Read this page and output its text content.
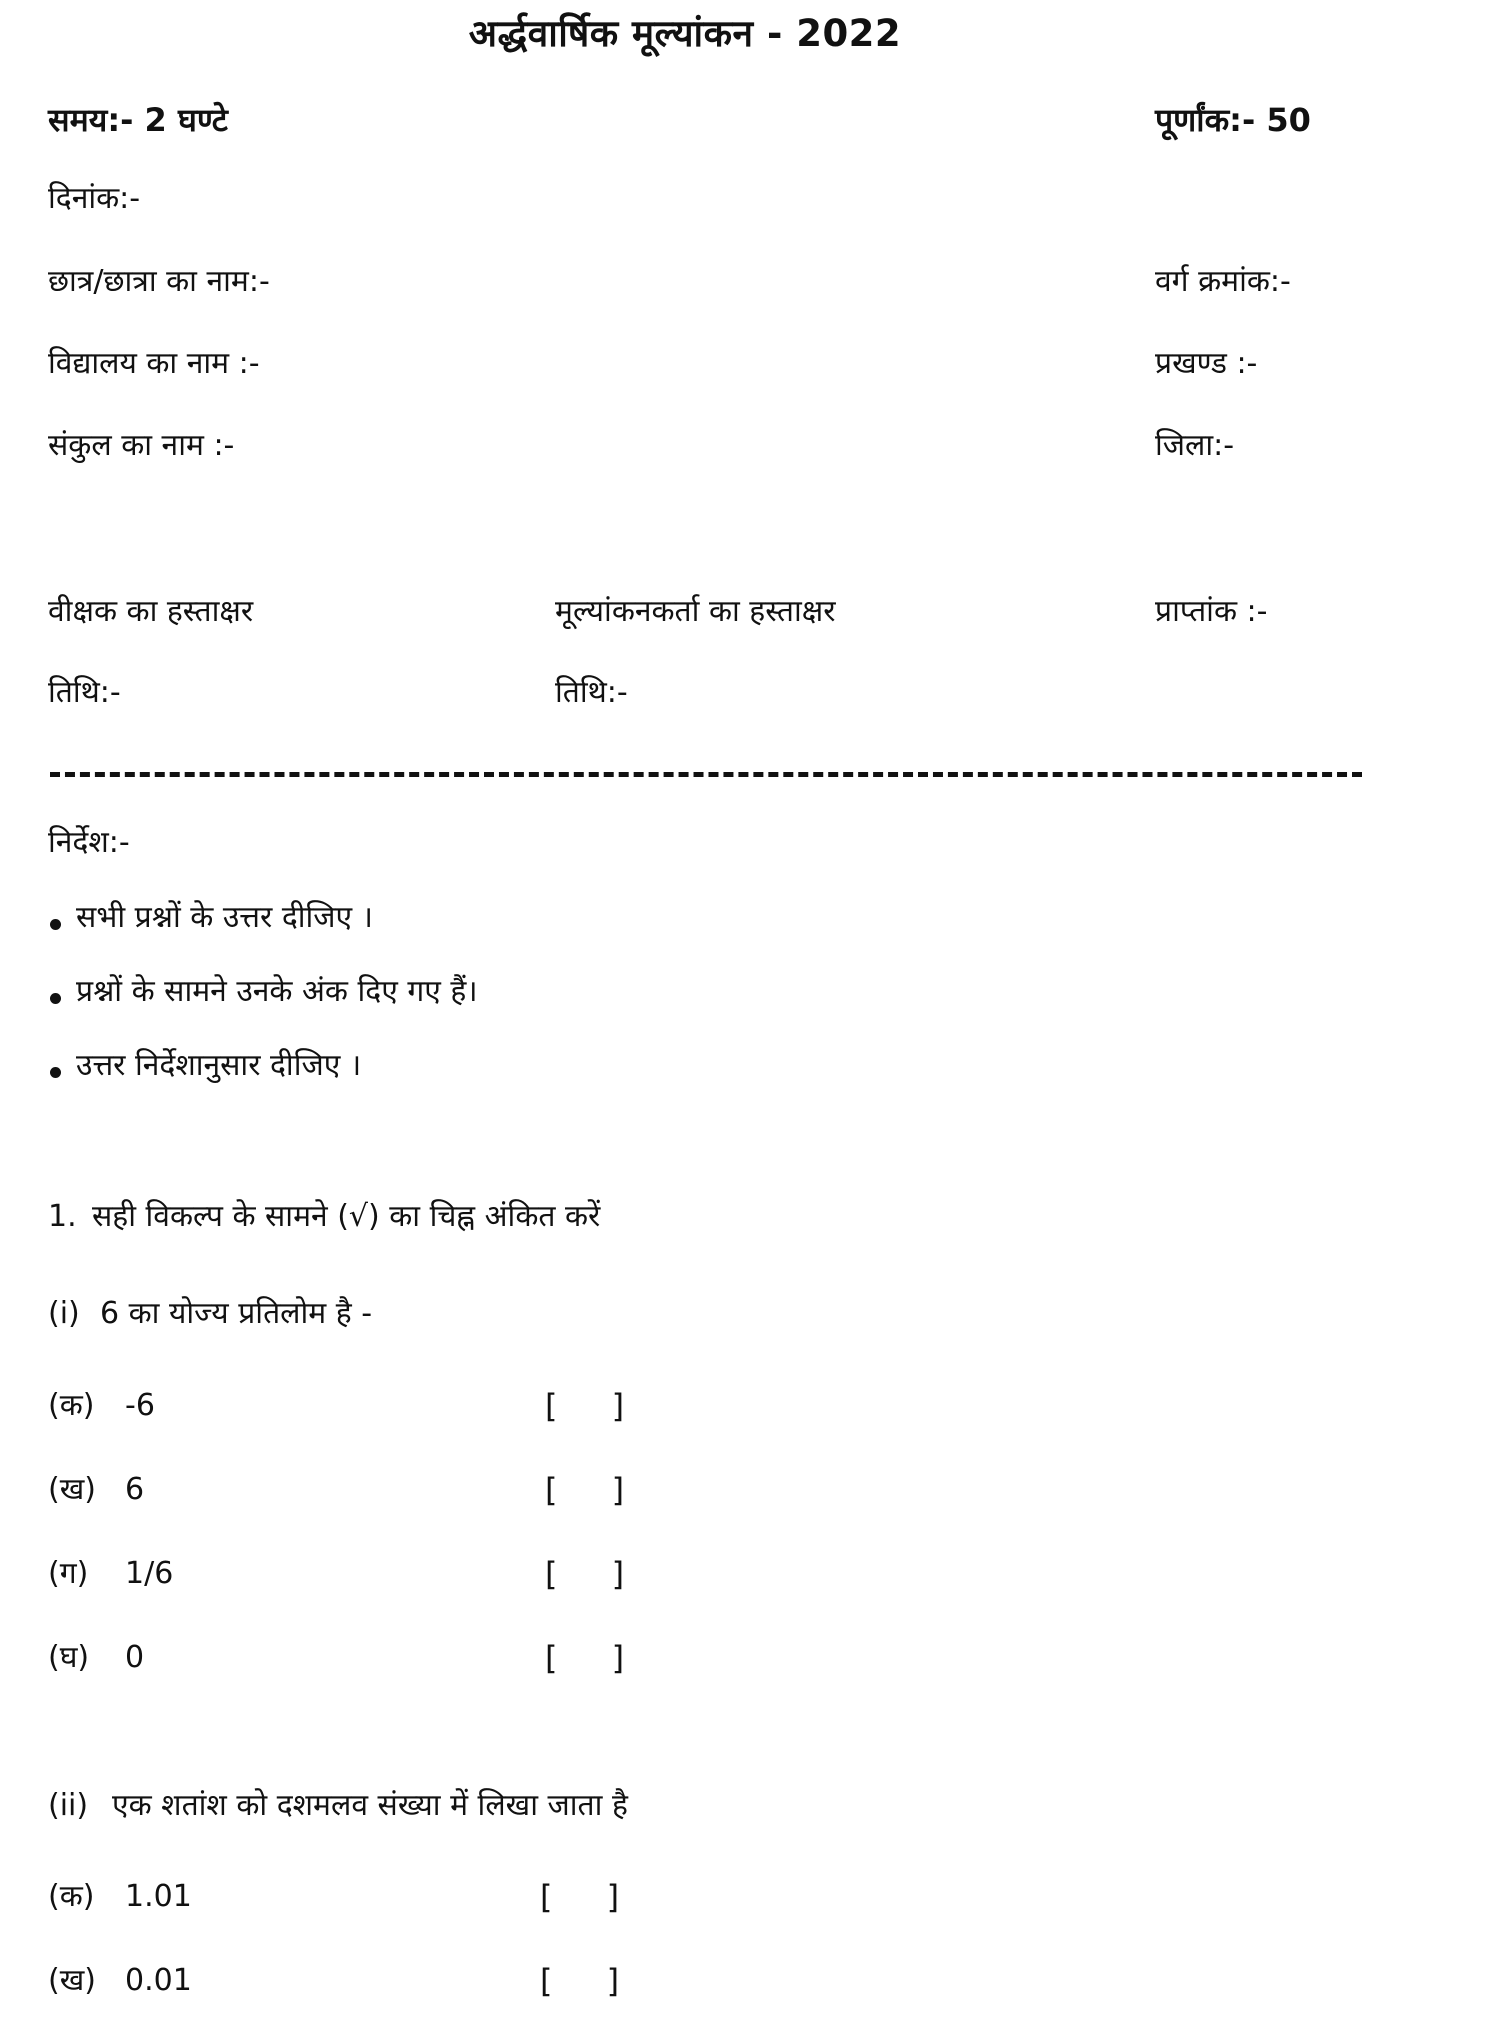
अर्द्धवार्षिक मूल्यांकन - 2022
समय:- 2 घण्टे	पूर्णांक:- 50
दिनांक:-
छात्र/छात्रा का नाम:-
विद्यालय का नाम :-
संकुल का नाम :-
वर्ग क्रमांक:-
प्रखण्ड :-
जिला:-
वीक्षक का हस्ताक्षर	मूल्यांकनकर्ता का हस्ताक्षर	प्राप्तांक :-
तिथि:-	तिथि:-
निर्देश:-
सभी प्रश्नों के उत्तर दीजिए ।
प्रश्नों के सामने उनके अंक दिए गए हैं।
उत्तर निर्देशानुसार दीजिए ।
1. सही विकल्प के सामने (√) का चिह्न अंकित करें
(i) 6 का योज्य प्रतिलोम है -
(क) -6	[ ]
(ख) 6	[ ]
(ग) 1/6	[ ]
(घ) 0	[ ]
(ii) एक शतांश को दशमलव संख्या में लिखा जाता है
(क) 1.01	[ ]
(ख) 0.01	[ ]
